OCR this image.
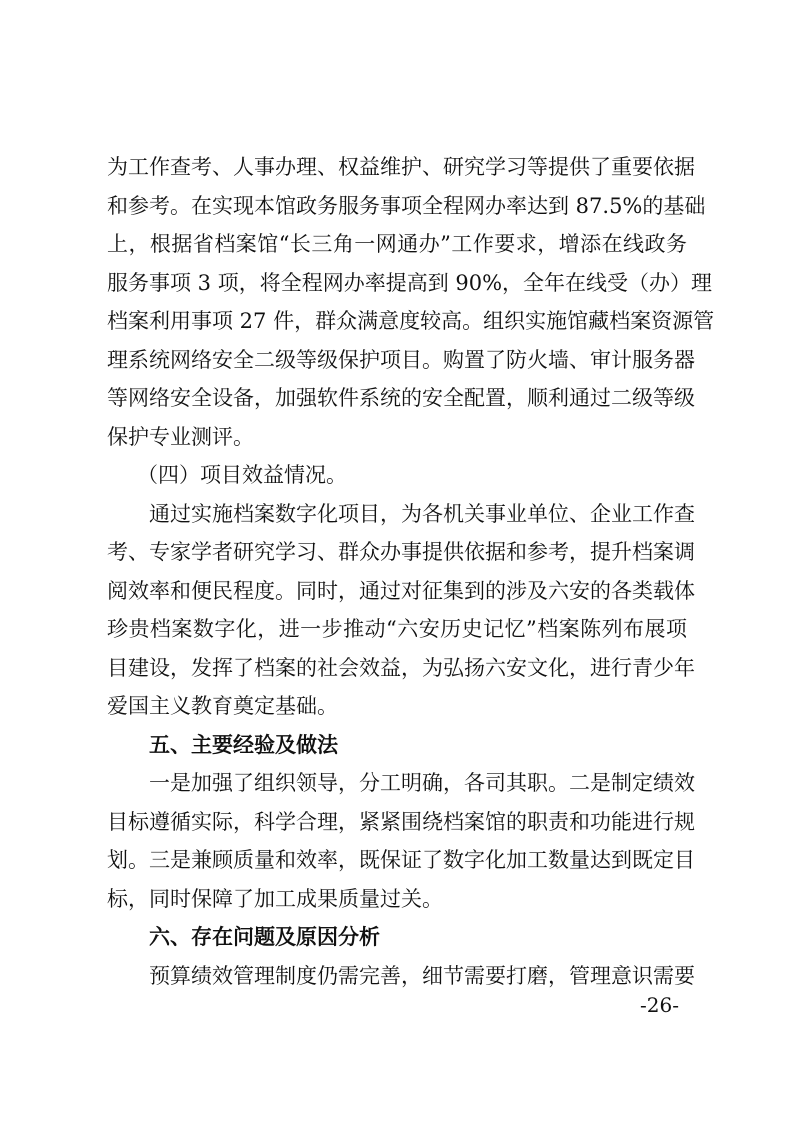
为工作查考、人事办理、权益维护、研究学习等提供了重要依据
和参考。在实现本馆政务服务事项全程网办率达到 87.5%的基础
上，根据省档案馆“长三角一网通办”工作要求，增添在线政务
服务事项 3 项，将全程网办率提高到 90%，全年在线受（办）理
档案利用事项 27 件，群众满意度较高。组织实施馆藏档案资源管
理系统网络安全二级等级保护项目。购置了防火墙、审计服务器
等网络安全设备，加强软件系统的安全配置，顺利通过二级等级
保护专业测评。
（四）项目效益情况。
通过实施档案数字化项目，为各机关事业单位、企业工作查
考、专家学者研究学习、群众办事提供依据和参考，提升档案调
阅效率和便民程度。同时，通过对征集到的涉及六安的各类载体
珍贵档案数字化，进一步推动“六安历史记忆”档案陈列布展项
目建设，发挥了档案的社会效益，为弘扬六安文化，进行青少年
爱国主义教育奠定基础。
五、主要经验及做法
一是加强了组织领导，分工明确，各司其职。二是制定绩效
目标遵循实际，科学合理，紧紧围绕档案馆的职责和功能进行规
划。三是兼顾质量和效率，既保证了数字化加工数量达到既定目
标，同时保障了加工成果质量过关。
六、存在问题及原因分析
预算绩效管理制度仍需完善，细节需要打磨，管理意识需要
-26-
